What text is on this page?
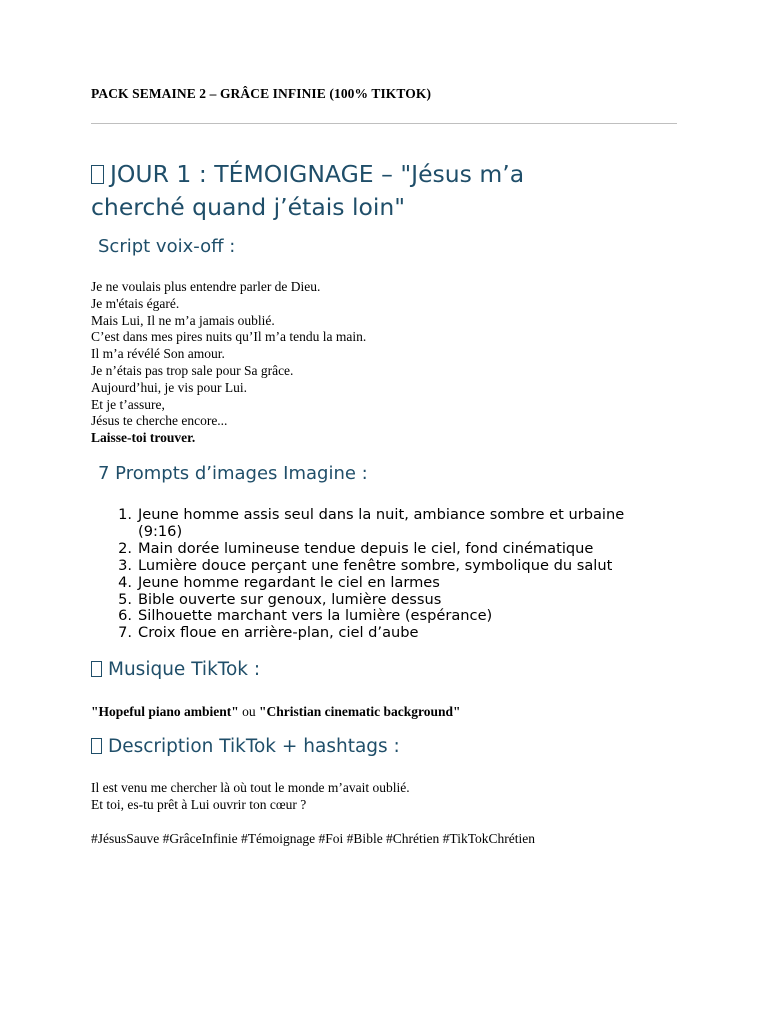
PACK SEMAINE 2 – GRÂCE INFINIE (100% TIKTOK)
JOUR 1 : TÉMOIGNAGE – "Jésus m’a
cherché quand j’étais loin"
Script voix-off :
Je ne voulais plus entendre parler de Dieu.
Je m'étais égaré.
Mais Lui, Il ne m’a jamais oublié.
C’est dans mes pires nuits qu’Il m’a tendu la main.
Il m’a révélé Son amour.
Je n’étais pas trop sale pour Sa grâce.
Aujourd’hui, je vis pour Lui.
Et je t’assure,
Jésus te cherche encore...
Laisse-toi trouver.
7 Prompts d’images Imagine :
1. Jeune homme assis seul dans la nuit, ambiance sombre et urbaine
(9:16)
2. Main dorée lumineuse tendue depuis le ciel, fond cinématique
3. Lumière douce perçant une fenêtre sombre, symbolique du salut
4. Jeune homme regardant le ciel en larmes
5. Bible ouverte sur genoux, lumière dessus
6. Silhouette marchant vers la lumière (espérance)
7. Croix floue en arrière-plan, ciel d’aube
Musique TikTok :
"Hopeful piano ambient" ou "Christian cinematic background"
Description TikTok + hashtags :
Il est venu me chercher là où tout le monde m’avait oublié.
Et toi, es-tu prêt à Lui ouvrir ton cœur ?
#JésusSauve #GrâceInfinie #Témoignage #Foi #Bible #Chrétien #TikTokChrétien
